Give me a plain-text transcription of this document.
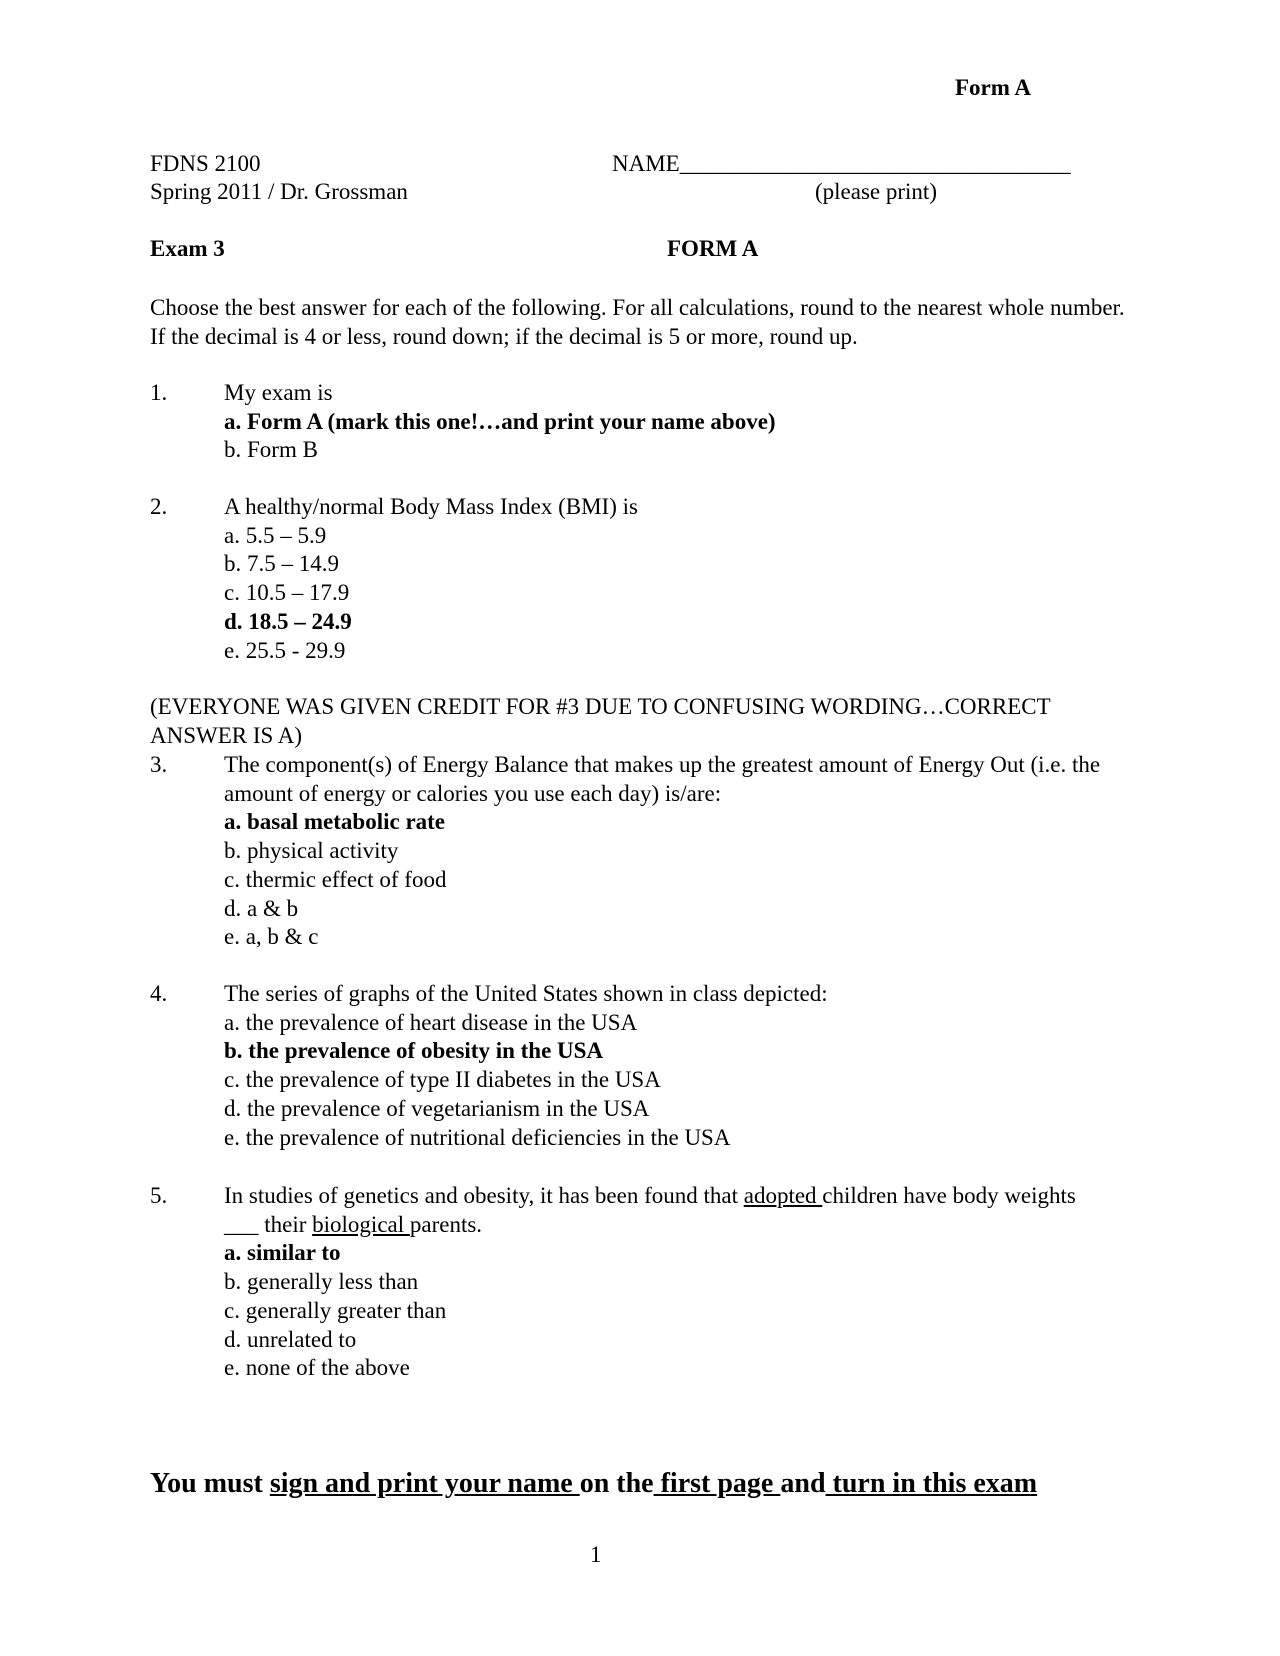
Form A
FDNS 2100
Spring 2011 / Dr. Grossman
NAME__________________________________
(please print)
Exam 3	FORM A
Choose the best answer for each of the following. For all calculations, round to the nearest whole number. If the decimal is 4 or less, round down; if the decimal is 5 or more, round up.
1. My exam is
a. Form A (mark this one!…and print your name above)
b. Form B
2. A healthy/normal Body Mass Index (BMI) is
a. 5.5 – 5.9
b. 7.5 – 14.9
c. 10.5 – 17.9
d. 18.5 – 24.9
e. 25.5 - 29.9
(EVERYONE WAS GIVEN CREDIT FOR #3 DUE TO CONFUSING WORDING…CORRECT ANSWER IS A)
3. The component(s) of Energy Balance that makes up the greatest amount of Energy Out (i.e. the amount of energy or calories you use each day) is/are:
a. basal metabolic rate
b. physical activity
c. thermic effect of food
d. a & b
e. a, b & c
4. The series of graphs of the United States shown in class depicted:
a. the prevalence of heart disease in the USA
b. the prevalence of obesity in the USA
c. the prevalence of type II diabetes in the USA
d. the prevalence of vegetarianism in the USA
e. the prevalence of nutritional deficiencies in the USA
5. In studies of genetics and obesity, it has been found that adopted children have body weights ___ their biological parents.
a. similar to
b. generally less than
c. generally greater than
d. unrelated to
e. none of the above
You must sign and print your name on the first page and turn in this exam
1
